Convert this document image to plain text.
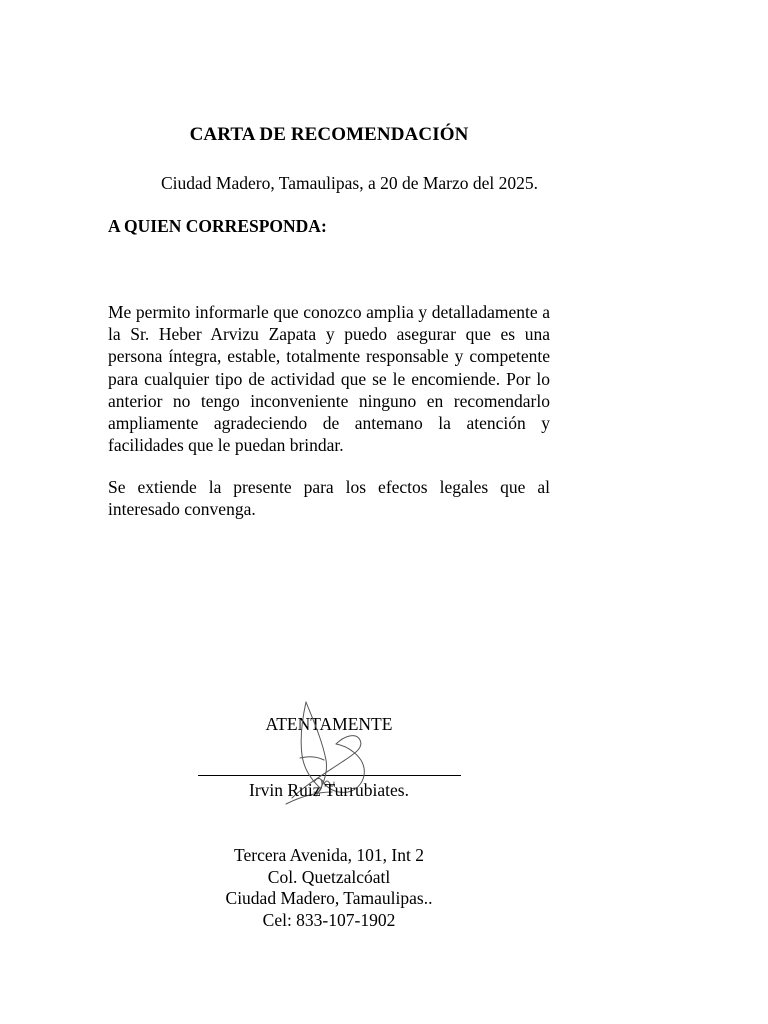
CARTA DE RECOMENDACIÓN
Ciudad Madero, Tamaulipas, a 20 de Marzo del 2025.
A QUIEN CORRESPONDA:

Me permito informarle que conozco amplia y detalladamente a la Sr. Heber Arvizu Zapata y puedo asegurar que es una persona íntegra, estable, totalmente responsable y competente para cualquier tipo de actividad que se le encomiende. Por lo anterior no tengo inconveniente ninguno en recomendarlo ampliamente agradeciendo de antemano la atención y facilidades que le puedan brindar.

Se extiende la presente para los efectos legales que al interesado convenga.

ATENTAMENTE
Irvin Ruiz Turrubiates.
Tercera Avenida, 101, Int 2
Col. Quetzalcóatl
Ciudad Madero, Tamaulipas..
Cel: 833-107-1902
